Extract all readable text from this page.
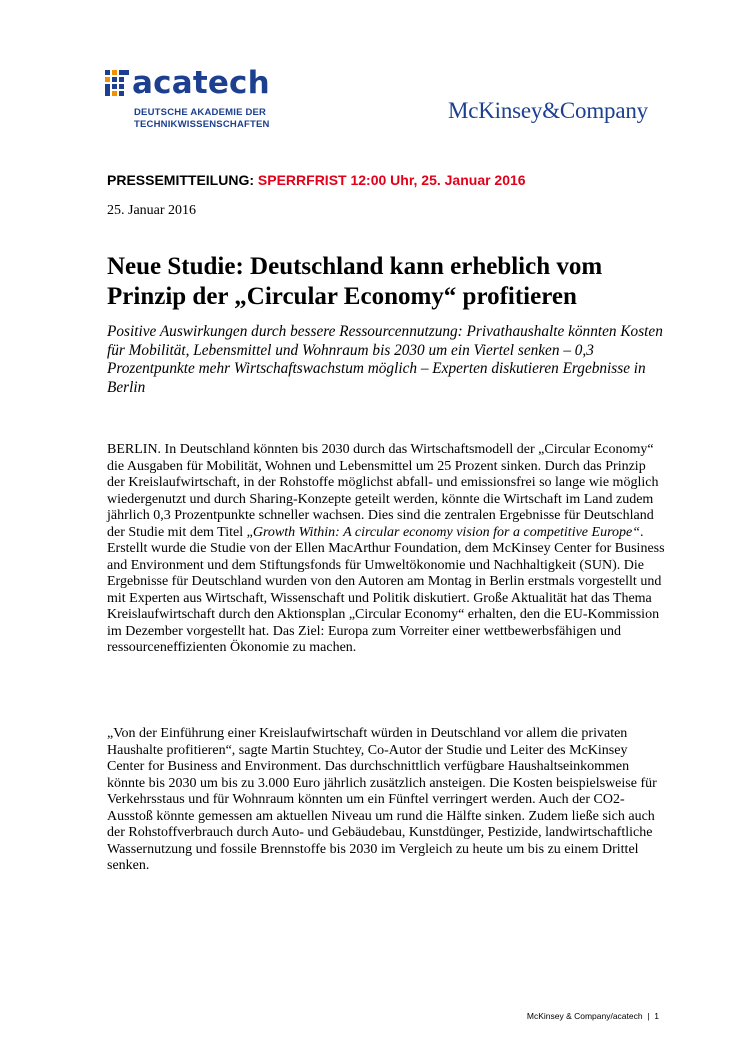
acatech
DEUTSCHE AKADEMIE DER
TECHNIKWISSENSCHAFTEN
McKinsey&Company
PRESSEMITTEILUNG: SPERRFRIST 12:00 Uhr, 25. Januar 2016
25. Januar 2016
Neue Studie: Deutschland kann erheblich vom Prinzip der „Circular Economy“ profitieren

Positive Auswirkungen durch bessere Ressourcennutzung: Privathaushalte könnten Kosten für Mobilität, Lebensmittel und Wohnraum bis 2030 um ein Viertel senken – 0,3 Prozentpunkte mehr Wirtschaftswachstum möglich – Experten diskutieren Ergebnisse in Berlin

BERLIN. In Deutschland könnten bis 2030 durch das Wirtschaftsmodell der „Circular Economy“ die Ausgaben für Mobilität, Wohnen und Lebensmittel um 25 Prozent sinken. Durch das Prinzip der Kreislaufwirtschaft, in der Rohstoffe möglichst abfall- und emissionsfrei so lange wie möglich wiedergenutzt und durch Sharing-Konzepte geteilt werden, könnte die Wirtschaft im Land zudem jährlich 0,3 Prozentpunkte schneller wachsen. Dies sind die zentralen Ergebnisse für Deutschland der Studie mit dem Titel „Growth Within: A circular economy vision for a competitive Europe“. Erstellt wurde die Studie von der Ellen MacArthur Foundation, dem McKinsey Center for Business and Environment und dem Stiftungsfonds für Umweltökonomie und Nachhaltigkeit (SUN). Die Ergebnisse für Deutschland wurden von den Autoren am Montag in Berlin erstmals vorgestellt und mit Experten aus Wirtschaft, Wissenschaft und Politik diskutiert. Große Aktualität hat das Thema Kreislaufwirtschaft durch den Aktionsplan „Circular Economy“ erhalten, den die EU-Kommission im Dezember vorgestellt hat. Das Ziel: Europa zum Vorreiter einer wettbewerbsfähigen und ressourceneffizienten Ökonomie zu machen.

„Von der Einführung einer Kreislaufwirtschaft würden in Deutschland vor allem die privaten Haushalte profitieren“, sagte Martin Stuchtey, Co-Autor der Studie und Leiter des McKinsey Center for Business and Environment. Das durchschnittlich verfügbare Haushaltseinkommen könnte bis 2030 um bis zu 3.000 Euro jährlich zusätzlich ansteigen. Die Kosten beispielsweise für Verkehrsstaus und für Wohnraum könnten um ein Fünftel verringert werden. Auch der CO2-Ausstoß könnte gemessen am aktuellen Niveau um rund die Hälfte sinken. Zudem ließe sich auch der Rohstoffverbrauch durch Auto- und Gebäudebau, Kunstdünger, Pestizide, landwirtschaftliche Wassernutzung und fossile Brennstoffe bis 2030 im Vergleich zu heute um bis zu einem Drittel senken.

McKinsey & Company/acatech  |  1
